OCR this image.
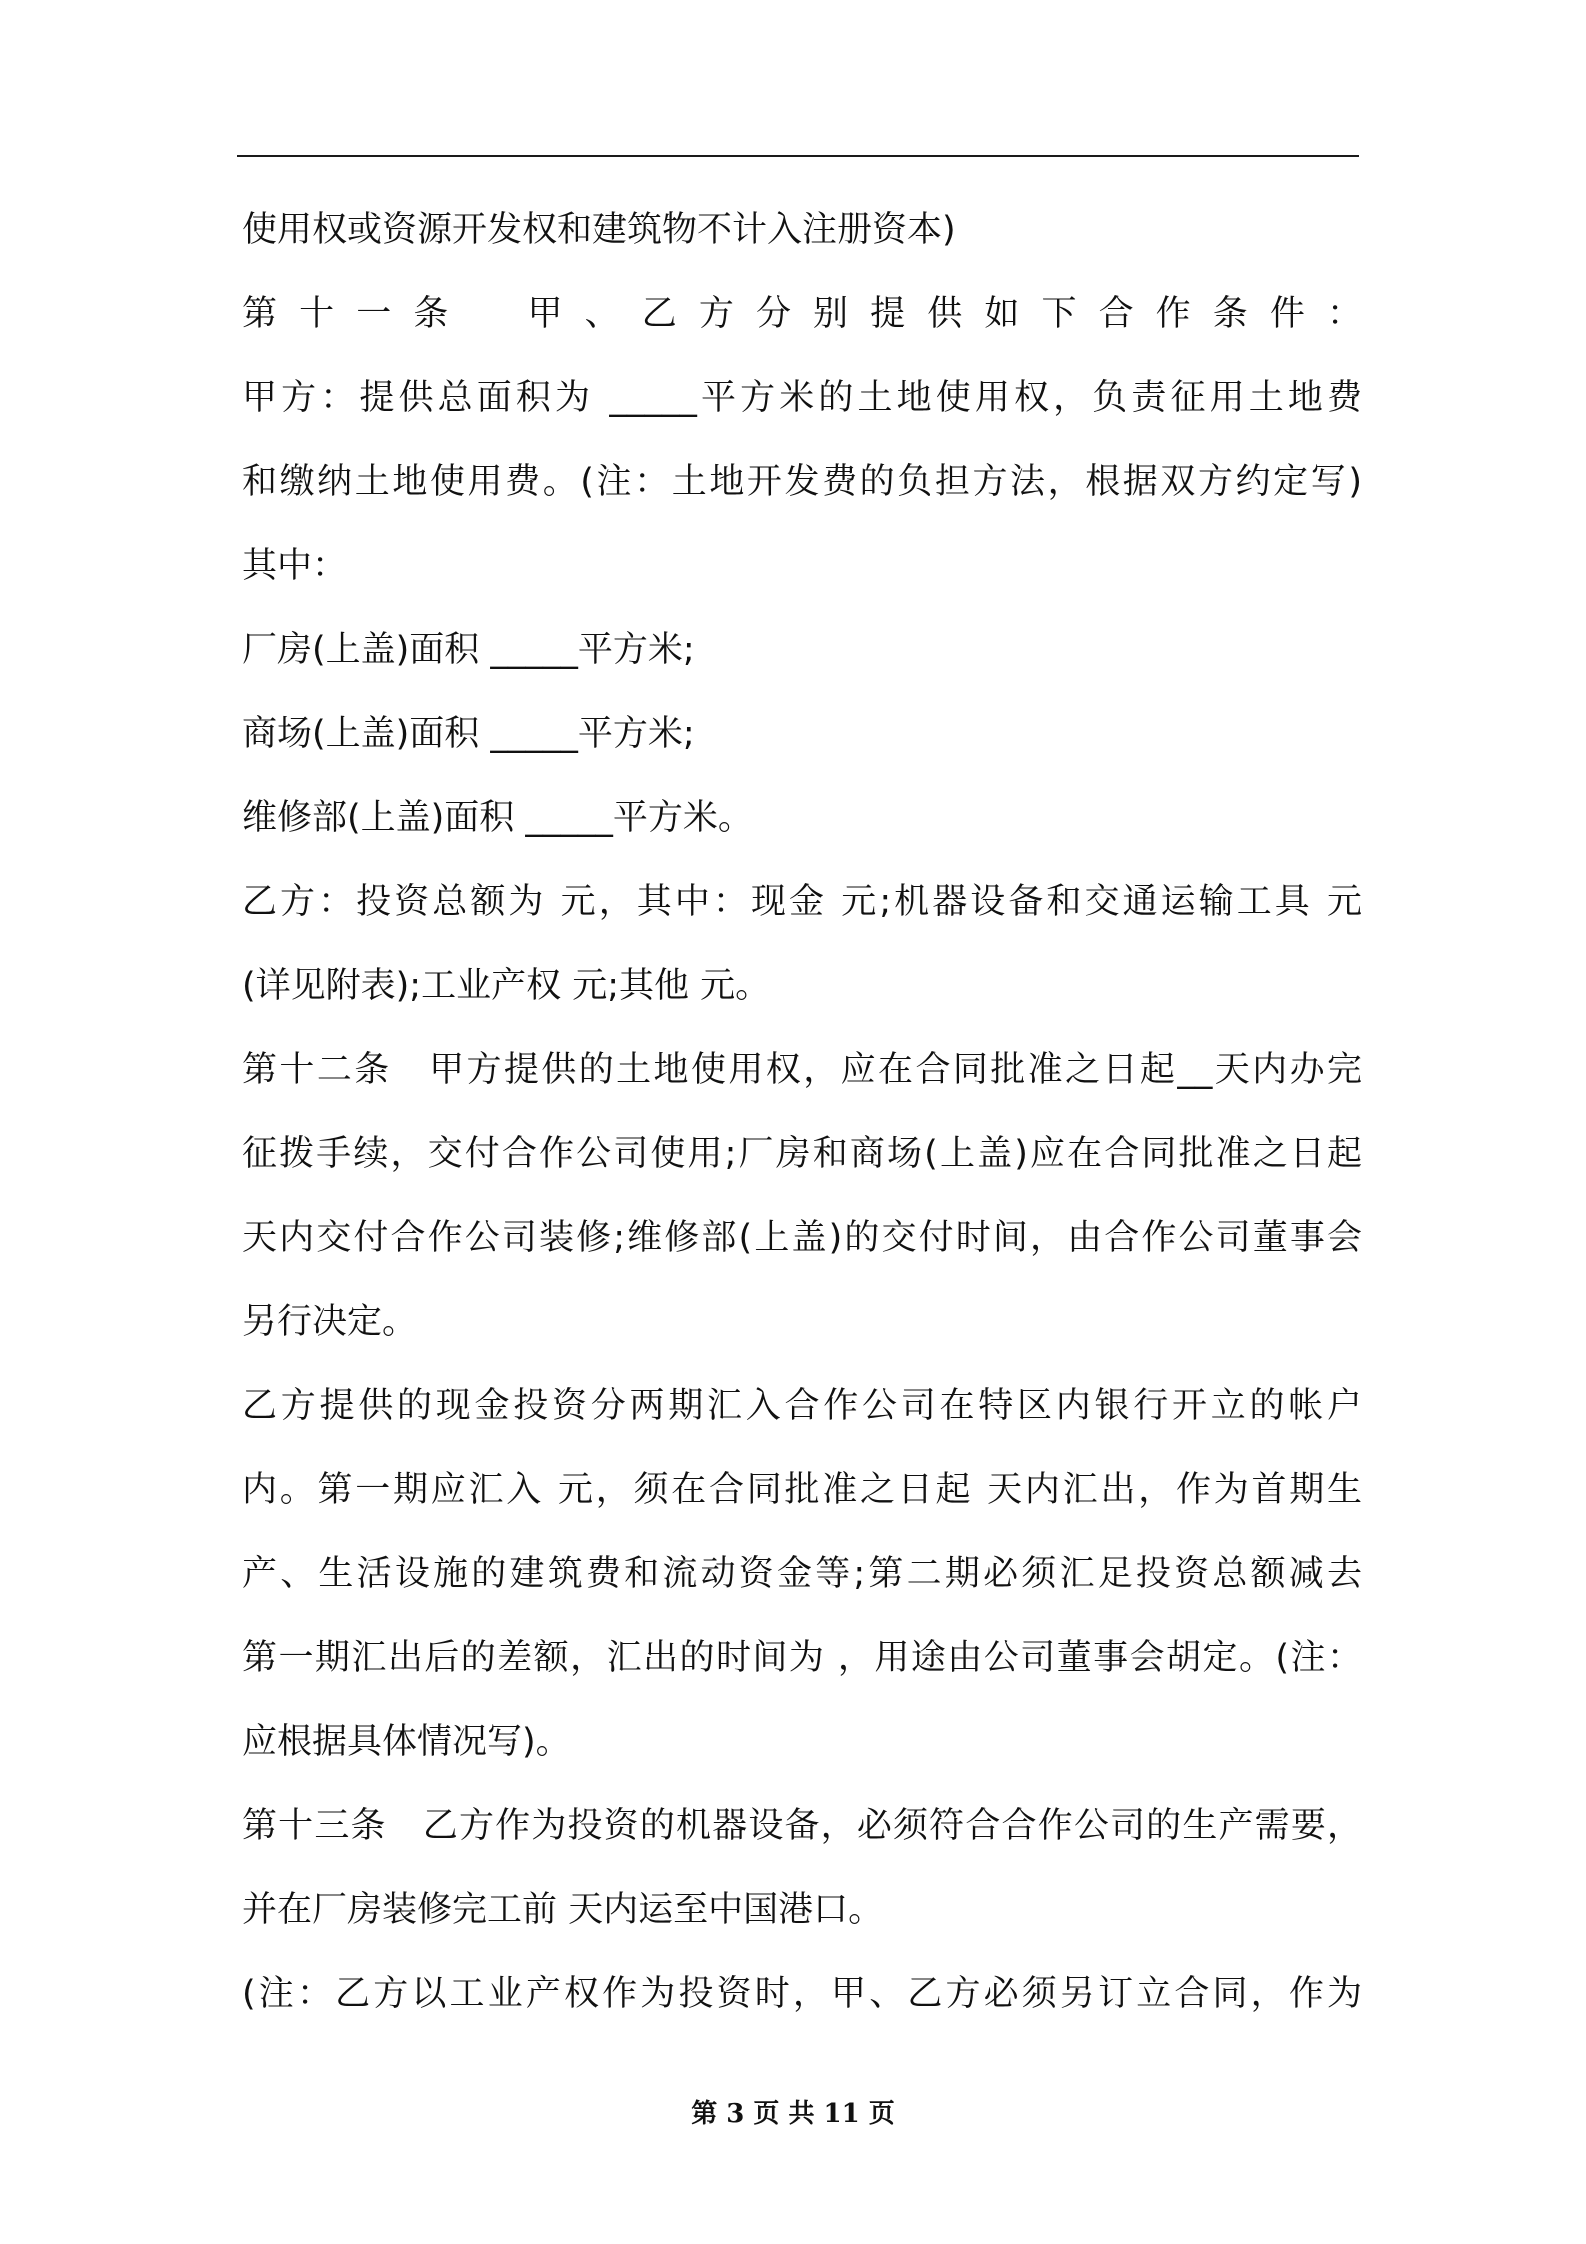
使用权或资源开发权和建筑物不计入注册资本)
第十一条　甲、乙方分别提供如下合作条件：
甲方：提供总面积为 _____平方米的土地使用权，负责征用土地费
和缴纳土地使用费。(注：土地开发费的负担方法，根据双方约定写)
其中：
厂房(上盖)面积 _____平方米;
商场(上盖)面积 _____平方米;
维修部(上盖)面积 _____平方米。
乙方：投资总额为 元，其中：现金 元;机器设备和交通运输工具 元
(详见附表);工业产权 元;其他 元。
第十二条　甲方提供的土地使用权，应在合同批准之日起__天内办完
征拨手续，交付合作公司使用;厂房和商场(上盖)应在合同批准之日起
天内交付合作公司装修;维修部(上盖)的交付时间，由合作公司董事会
另行决定。
乙方提供的现金投资分两期汇入合作公司在特区内银行开立的帐户
内。第一期应汇入 元，须在合同批准之日起 天内汇出，作为首期生
产、生活设施的建筑费和流动资金等;第二期必须汇足投资总额减去
第一期汇出后的差额，汇出的时间为 ，用途由公司董事会胡定。(注：
应根据具体情况写)。
第十三条　乙方作为投资的机器设备，必须符合合作公司的生产需要，
并在厂房装修完工前 天内运至中国港口。
(注：乙方以工业产权作为投资时，甲、乙方必须另订立合同，作为
第 3 页 共 11 页
